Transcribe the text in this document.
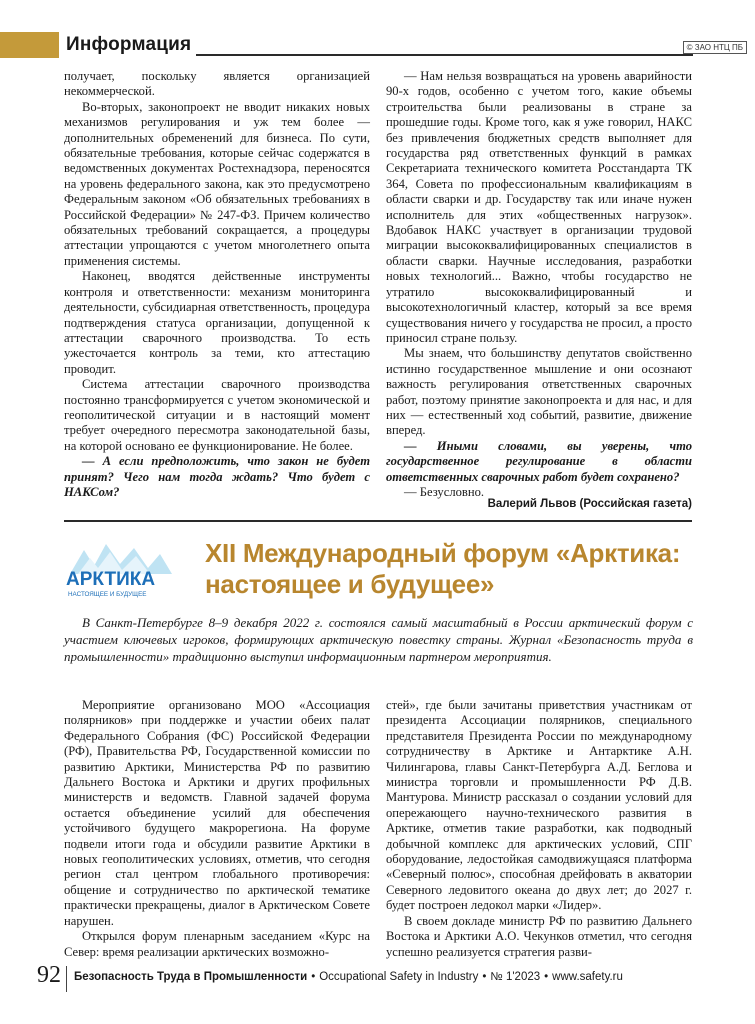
Информация	© ЗАО НТЦ ПБ

получает, поскольку является организацией некоммерческой.

Во-вторых, законопроект не вводит никаких новых механизмов регулирования и уж тем более — дополнительных обременений для бизнеса. По сути, обязательные требования, которые сейчас содержатся в ведомственных документах Ростехнадзора, переносятся на уровень федерального закона, как это предусмотрено Федеральным законом «Об обязательных требованиях в Российской Федерации» № 247-ФЗ. Причем количество обязательных требований сокращается, а процедуры аттестации упрощаются с учетом многолетнего опыта применения системы.

Наконец, вводятся действенные инструменты контроля и ответственности: механизм мониторинга деятельности, субсидиарная ответственность, процедура подтверждения статуса организации, допущенной к аттестации сварочного производства. То есть ужесточается контроль за теми, кто аттестацию проводит.

Система аттестации сварочного производства постоянно трансформируется с учетом экономической и геополитической ситуации и в настоящий момент требует очередного пересмотра законодательной базы, на которой основано ее функционирование. Не более.

— А если предположить, что закон не будет принят? Чего нам тогда ждать? Что будет с НАКСом?

— Нам нельзя возвращаться на уровень аварийности 90-х годов, особенно с учетом того, какие объемы строительства были реализованы в стране за прошедшие годы. Кроме того, как я уже говорил, НАКС без привлечения бюджетных средств выполняет для государства ряд ответственных функций в рамках Секретариата технического комитета Росстандарта ТК 364, Совета по профессиональным квалификациям в области сварки и др. Государству так или иначе нужен исполнитель для этих «общественных нагрузок». Вдобавок НАКС участвует в организации трудовой миграции высококвалифицированных специалистов в области сварки. Научные исследования, разработки новых технологий... Важно, чтобы государство не утратило высококвалифицированный и высокотехнологичный кластер, который за все время существования ничего у государства не просил, а просто приносил стране пользу.

Мы знаем, что большинству депутатов свойственно истинно государственное мышление и они осознают важность регулирования ответственных сварочных работ, поэтому принятие законопроекта и для нас, и для них — естественный ход событий, развитие, движение вперед.

— Иными словами, вы уверены, что государственное регулирование в области ответственных сварочных работ будет сохранено?

— Безусловно.

Валерий Львов (Российская газета)
АРКТИКА
НАСТОЯЩЕЕ И БУДУЩЕЕ
XII Международный форум «Арктика: настоящее и будущее»

В Санкт-Петербурге 8–9 декабря 2022 г. состоялся самый масштабный в России арктический форум с участием ключевых игроков, формирующих арктическую повестку страны. Журнал «Безопасность труда в промышленности» традиционно выступил информационным партнером мероприятия.

Мероприятие организовано МОО «Ассоциация полярников» при поддержке и участии обеих палат Федерального Собрания (ФС) Российской Федерации (РФ), Правительства РФ, Государственной комиссии по развитию Арктики, Министерства РФ по развитию Дальнего Востока и Арктики и других профильных министерств и ведомств. Главной задачей форума остается объединение усилий для обеспечения устойчивого будущего макрорегиона. На форуме подвели итоги года и обсудили развитие Арктики в новых геополитических условиях, отметив, что сегодня регион стал центром глобального противоречия: общение и сотрудничество по арктической тематике практически прекращены, диалог в Арктическом Совете нарушен.

Открылся форум пленарным заседанием «Курс на Север: время реализации арктических возможно-

стей», где были зачитаны приветствия участникам от президента Ассоциации полярников, специального представителя Президента России по международному сотрудничеству в Арктике и Антарктике А.Н. Чилингарова, главы Санкт-Петербурга А.Д. Беглова и министра торговли и промышленности РФ Д.В. Мантурова. Министр рассказал о создании условий для опережающего научно-технического развития в Арктике, отметив такие разработки, как подводный добычной комплекс для арктических условий, СПГ оборудование, ледостойкая самодвижущаяся платформа «Северный полюс», способная дрейфовать в акватории Северного ледовитого океана до двух лет; до 2027 г. будет построен ледокол марки «Лидер».

В своем докладе министр РФ по развитию Дальнего Востока и Арктики А.О. Чекунков отметил, что сегодня успешно реализуется стратегия разви-

92 Безопасность Труда в Промышленности • Occupational Safety in Industry • № 1'2023 • www.safety.ru
